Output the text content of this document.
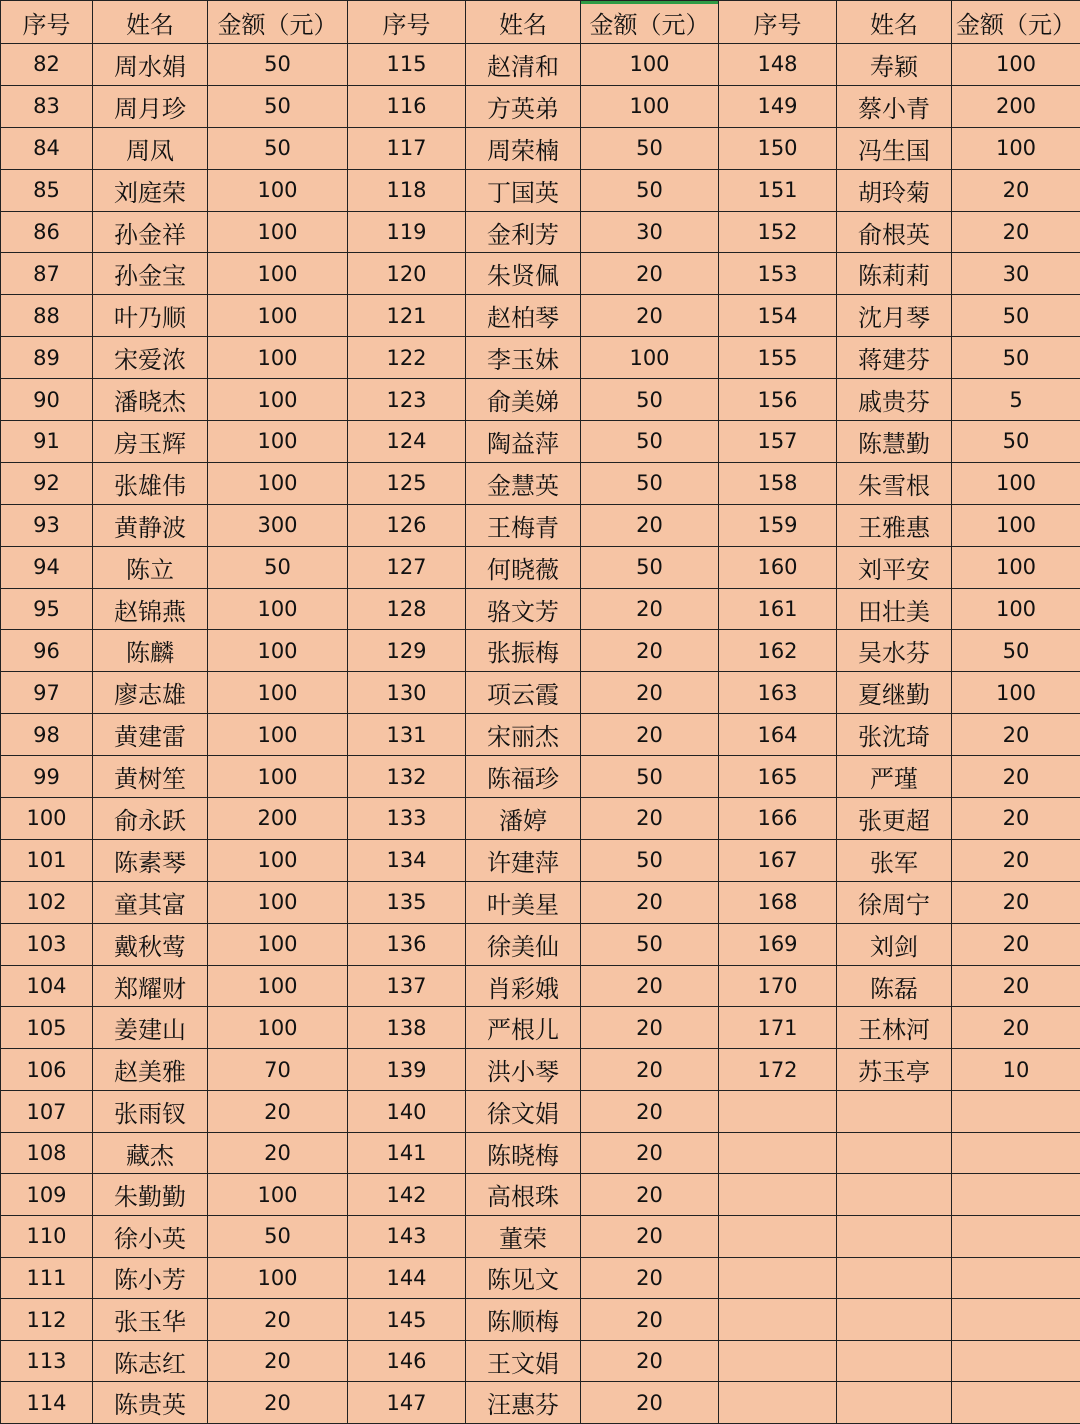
序号	姓名	金额（元）	序号	姓名	金额（元）	序号	姓名	金额（元）
82	周水娟	50	115	赵清和	100	148	寿颖	100
83	周月珍	50	116	方英弟	100	149	蔡小青	200
84	周凤	50	117	周荣楠	50	150	冯生国	100
85	刘庭荣	100	118	丁国英	50	151	胡玲菊	20
86	孙金祥	100	119	金利芳	30	152	俞根英	20
87	孙金宝	100	120	朱贤佩	20	153	陈莉莉	30
88	叶乃顺	100	121	赵柏琴	20	154	沈月琴	50
89	宋爱浓	100	122	李玉妹	100	155	蒋建芬	50
90	潘晓杰	100	123	俞美娣	50	156	戚贵芬	5
91	房玉辉	100	124	陶益萍	50	157	陈慧勤	50
92	张雄伟	100	125	金慧英	50	158	朱雪根	100
93	黄静波	300	126	王梅青	20	159	王雅惠	100
94	陈立	50	127	何晓薇	50	160	刘平安	100
95	赵锦燕	100	128	骆文芳	20	161	田壮美	100
96	陈麟	100	129	张振梅	20	162	吴水芬	50
97	廖志雄	100	130	项云霞	20	163	夏继勤	100
98	黄建雷	100	131	宋丽杰	20	164	张沈琦	20
99	黄树笙	100	132	陈福珍	50	165	严瑾	20
100	俞永跃	200	133	潘婷	20	166	张更超	20
101	陈素琴	100	134	许建萍	50	167	张军	20
102	童其富	100	135	叶美星	20	168	徐周宁	20
103	戴秋莺	100	136	徐美仙	50	169	刘剑	20
104	郑耀财	100	137	肖彩娥	20	170	陈磊	20
105	姜建山	100	138	严根儿	20	171	王林河	20
106	赵美雅	70	139	洪小琴	20	172	苏玉亭	10
107	张雨钗	20	140	徐文娟	20			
108	藏杰	20	141	陈晓梅	20			
109	朱勤勤	100	142	高根珠	20			
110	徐小英	50	143	董荣	20			
111	陈小芳	100	144	陈见文	20			
112	张玉华	20	145	陈顺梅	20			
113	陈志红	20	146	王文娟	20			
114	陈贵英	20	147	汪惠芬	20			
